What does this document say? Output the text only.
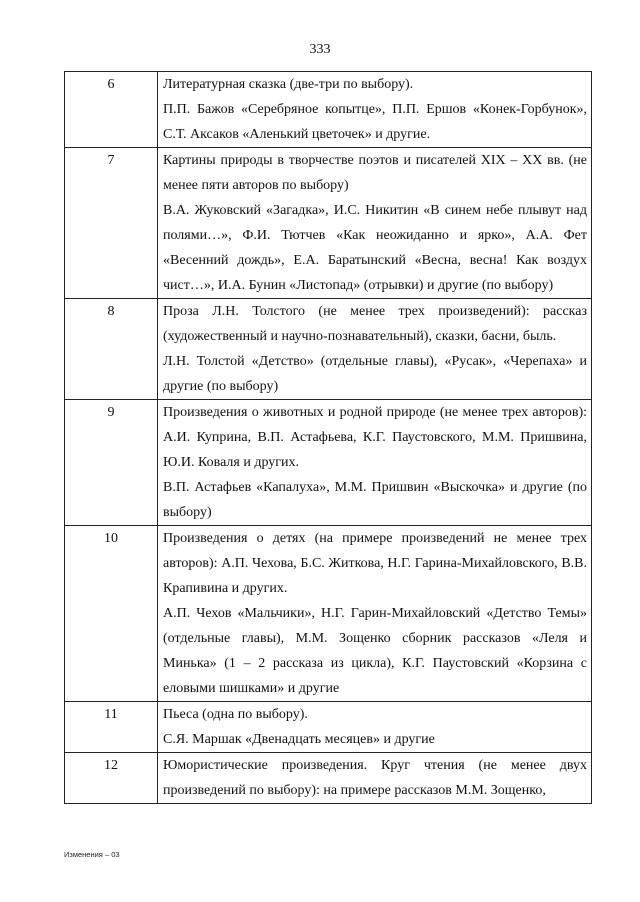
333
6	Литературная сказка (две-три по выбору).

П.П. Бажов «Серебряное копытце», П.П. Ершов «Конек-Горбунок», С.Т. Аксаков «Аленький цветочек» и другие.

7	Картины природы в творчестве поэтов и писателей XIX – XX вв. (не менее пяти авторов по выбору)

В.А. Жуковский «Загадка», И.С. Никитин «В синем небе плывут над полями…», Ф.И. Тютчев «Как неожиданно и ярко», А.А. Фет «Весенний дождь», Е.А. Баратынский «Весна, весна! Как воздух чист…», И.А. Бунин «Листопад» (отрывки) и другие (по выбору)

8	Проза Л.Н. Толстого (не менее трех произведений): рассказ (художественный и научно-познавательный), сказки, басни, быль.

Л.Н. Толстой «Детство» (отдельные главы), «Русак», «Черепаха» и другие (по выбору)

9	Произведения о животных и родной природе (не менее трех авторов): А.И. Куприна, В.П. Астафьева, К.Г. Паустовского, М.М. Пришвина, Ю.И. Коваля и других.

В.П. Астафьев «Капалуха», М.М. Пришвин «Выскочка» и другие (по выбору)

10	Произведения о детях (на примере произведений не менее трех авторов): А.П. Чехова, Б.С. Житкова, Н.Г. Гарина-Михайловского, В.В. Крапивина и других.

А.П. Чехов «Мальчики», Н.Г. Гарин-Михайловский «Детство Темы» (отдельные главы), М.М. Зощенко сборник рассказов «Леля и Минька» (1 – 2 рассказа из цикла), К.Г. Паустовский «Корзина с еловыми шишками» и другие

11	Пьеса (одна по выбору).

С.Я. Маршак «Двенадцать месяцев» и другие

12	Юмористические произведения. Круг чтения (не менее двух произведений по выбору): на примере рассказов М.М. Зощенко,

Изменения – 03
